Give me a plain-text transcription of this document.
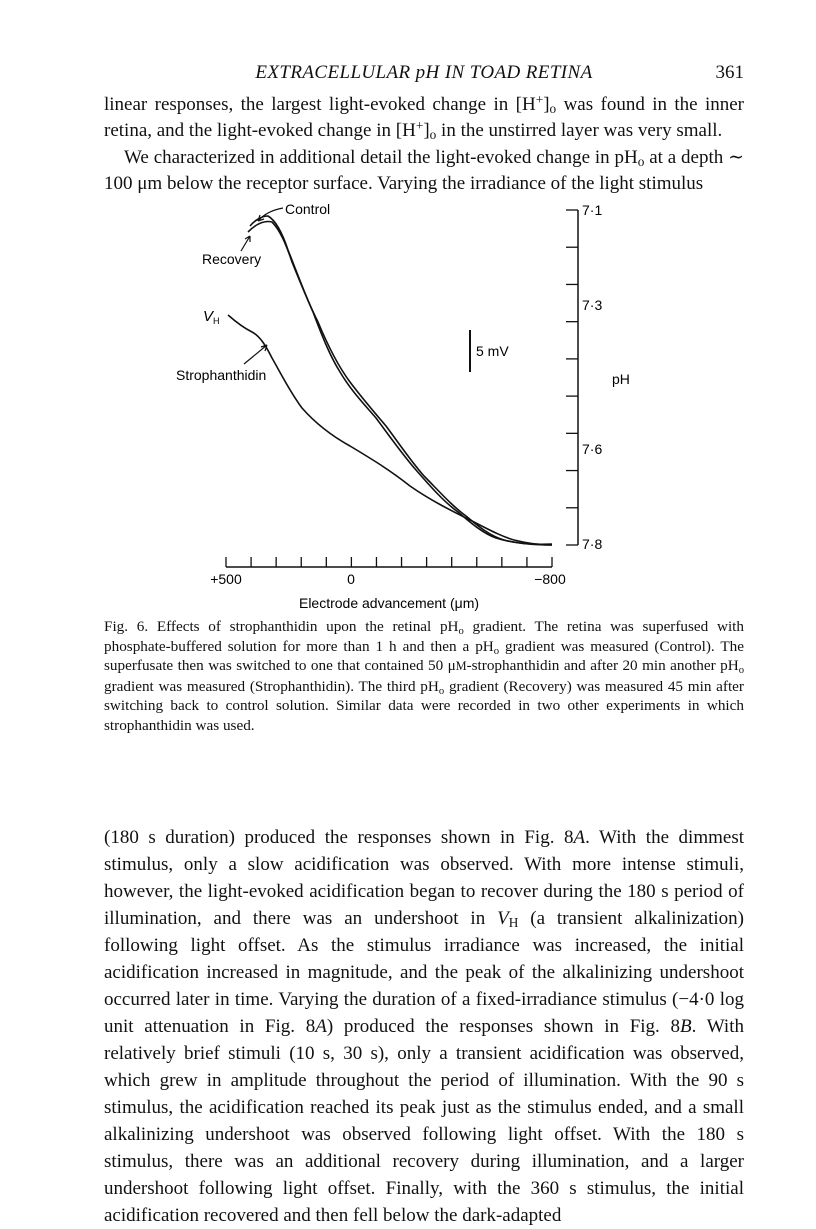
EXTRACELLULAR pH IN TOAD RETINA	361

linear responses, the largest light-evoked change in $[H^+]_o$ was found in the inner retina, and the light-evoked change in $[H^+]_o$ in the unstirred layer was very small.

We characterized in additional detail the light-evoked change in $pH_o$ at a depth ∼ 100 μm below the receptor surface. Varying the irradiance of the light stimulus

Control
Recovery
$V_H$
Strophanthidin
5 mV
+500	0	−800
Electrode advancement (μm)
7·1
7·3
7·6
7·8
pH
Fig. 6. Effects of strophanthidin upon the retinal $pH_o$ gradient. The retina was superfused with phosphate-buffered solution for more than 1 h and then a $pH_o$ gradient was measured (Control). The superfusate then was switched to one that contained 50 μM-strophanthidin and after 20 min another $pH_o$ gradient was measured (Strophanthidin). The third $pH_o$ gradient (Recovery) was measured 45 min after switching back to control solution. Similar data were recorded in two other experiments in which strophanthidin was used.

(180 s duration) produced the responses shown in Fig. 8A. With the dimmest stimulus, only a slow acidification was observed. With more intense stimuli, however, the light-evoked acidification began to recover during the 180 s period of illumination, and there was an undershoot in $V_H$ (a transient alkalinization) following light offset. As the stimulus irradiance was increased, the initial acidification increased in magnitude, and the peak of the alkalinizing undershoot occurred later in time. Varying the duration of a fixed-irradiance stimulus (−4·0 log unit attenuation in Fig. 8A) produced the responses shown in Fig. 8B. With relatively brief stimuli (10 s, 30 s), only a transient acidification was observed, which grew in amplitude throughout the period of illumination. With the 90 s stimulus, the acidification reached its peak just as the stimulus ended, and a small alkalinizing undershoot was observed following light offset. With the 180 s stimulus, there was an additional recovery during illumination, and a larger undershoot following light offset. Finally, with the 360 s stimulus, the initial acidification recovered and then fell below the dark-adapted
